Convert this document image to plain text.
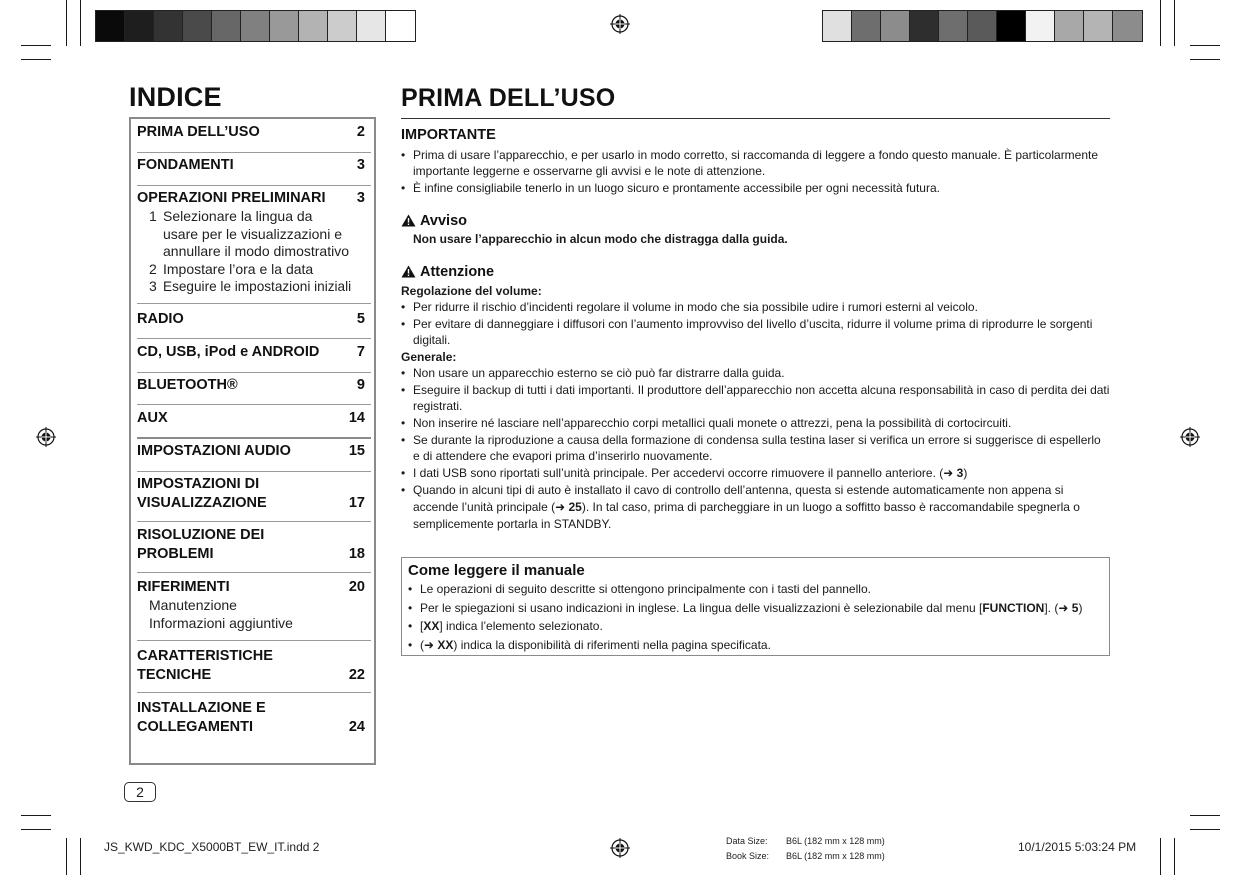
INDICE
PRIMA DELL’USO	2
FONDAMENTI	3
OPERAZIONI PRELIMINARI	3
1 Selezionare la lingua da
usare per le visualizzazioni e
annullare il modo dimostrativo
2 Impostare l’ora e la data
3 Eseguire le impostazioni iniziali
RADIO	5
CD, USB, iPod e ANDROID	7
BLUETOOTH®	9
AUX	14
IMPOSTAZIONI AUDIO	15
IMPOSTAZIONI DI
VISUALIZZAZIONE	17
RISOLUZIONE DEI
PROBLEMI	18
RIFERIMENTI	20
Manutenzione
Informazioni aggiuntive
CARATTERISTICHE
TECNICHE	22
INSTALLAZIONE E
COLLEGAMENTI	24
2
PRIMA DELL’USO
IMPORTANTE
• Prima di usare l’apparecchio, e per usarlo in modo corretto, si raccomanda di leggere a fondo questo manuale. È particolarmente importante leggerne e osservarne gli avvisi e le note di attenzione.
• È infine consigliabile tenerlo in un luogo sicuro e prontamente accessibile per ogni necessità futura.
Avviso
Non usare l’apparecchio in alcun modo che distragga dalla guida.
Attenzione
Regolazione del volume:
• Per ridurre il rischio d’incidenti regolare il volume in modo che sia possibile udire i rumori esterni al veicolo.
• Per evitare di danneggiare i diffusori con l’aumento improvviso del livello d’uscita, ridurre il volume prima di riprodurre le sorgenti digitali.
Generale:
• Non usare un apparecchio esterno se ciò può far distrarre dalla guida.
• Eseguire il backup di tutti i dati importanti. Il produttore dell’apparecchio non accetta alcuna responsabilità in caso di perdita dei dati registrati.
• Non inserire né lasciare nell’apparecchio corpi metallici quali monete o attrezzi, pena la possibilità di cortocircuiti.
• Se durante la riproduzione a causa della formazione di condensa sulla testina laser si verifica un errore si suggerisce di espellerlo e di attendere che evapori prima d’inserirlo nuovamente.
• I dati USB sono riportati sull’unità principale. Per accedervi occorre rimuovere il pannello anteriore. (➜ 3)
• Quando in alcuni tipi di auto è installato il cavo di controllo dell’antenna, questa si estende automaticamente non appena si accende l’unità principale (➜ 25). In tal caso, prima di parcheggiare in un luogo a soffitto basso è raccomandabile spegnerla o semplicemente portarla in STANDBY.
Come leggere il manuale
• Le operazioni di seguito descritte si ottengono principalmente con i tasti del pannello.
• Per le spiegazioni si usano indicazioni in inglese. La lingua delle visualizzazioni è selezionabile dal menu [FUNCTION]. (➜ 5)
• [XX] indica l’elemento selezionato.
• (➜ XX) indica la disponibilità di riferimenti nella pagina specificata.
JS_KWD_KDC_X5000BT_EW_IT.indd 2	Data Size: B6L (182 mm x 128 mm)
Book Size: B6L (182 mm x 128 mm)
10/1/2015 5:03:24 PM
